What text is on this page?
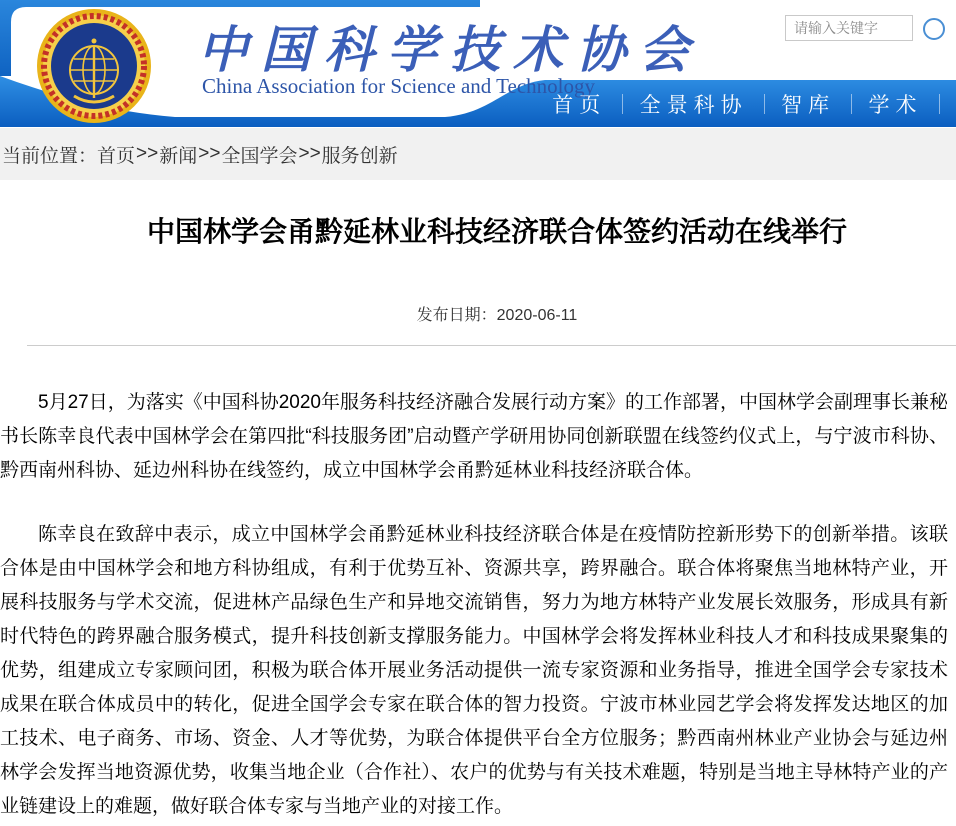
中国科学技术协会
China Association for Science and Technology
请输入关键字
首页 全景科协 智库 学术
当前位置： 首页 >> 新闻 >> 全国学会 >> 服务创新
中国林学会甬黔延林业科技经济联合体签约活动在线举行
发布日期：2020-06-11

5月27日，为落实《中国科协2020年服务科技经济融合发展行动方案》的工作部署，中国林学会副理事长兼秘书长陈幸良代表中国林学会在第四批“科技服务团”启动暨产学研用协同创新联盟在线签约仪式上，与宁波市科协、黔西南州科协、延边州科协在线签约，成立中国林学会甬黔延林业科技经济联合体。

陈幸良在致辞中表示，成立中国林学会甬黔延林业科技经济联合体是在疫情防控新形势下的创新举措。该联合体是由中国林学会和地方科协组成，有利于优势互补、资源共享，跨界融合。联合体将聚焦当地林特产业，开展科技服务与学术交流，促进林产品绿色生产和异地交流销售，努力为地方林特产业发展长效服务，形成具有新时代特色的跨界融合服务模式，提升科技创新支撑服务能力。中国林学会将发挥林业科技人才和科技成果聚集的优势，组建成立专家顾问团，积极为联合体开展业务活动提供一流专家资源和业务指导，推进全国学会专家技术成果在联合体成员中的转化，促进全国学会专家在联合体的智力投资。宁波市林业园艺学会将发挥发达地区的加工技术、电子商务、市场、资金、人才等优势，为联合体提供平台全方位服务；黔西南州林业产业协会与延边州林学会发挥当地资源优势，收集当地企业（合作社）、农户的优势与有关技术难题，特别是当地主导林特产业的产业链建设上的难题，做好联合体专家与当地产业的对接工作。
